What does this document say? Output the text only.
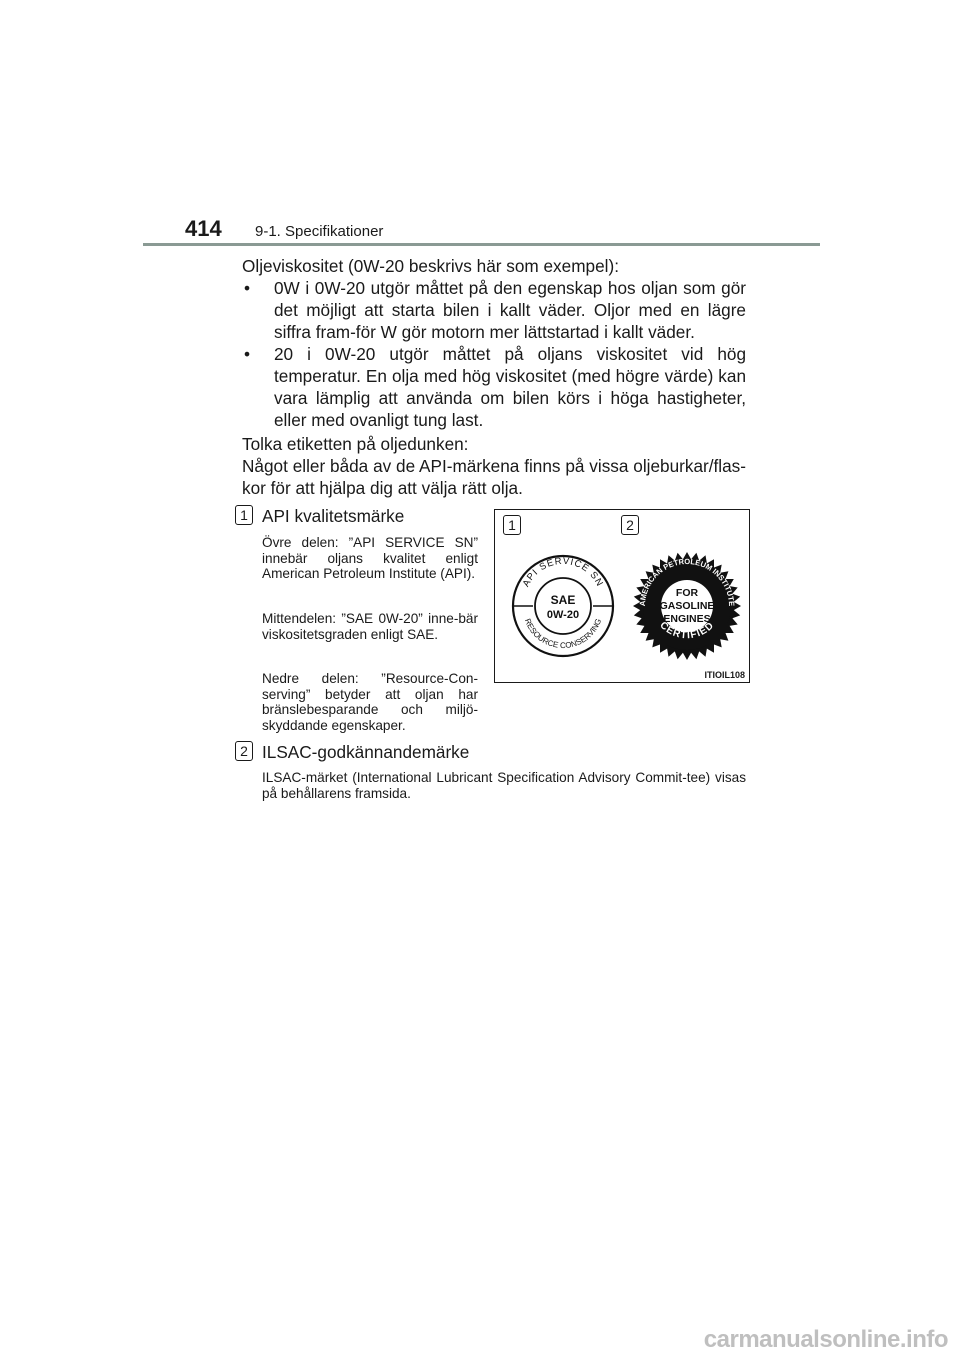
414	9-1. Specifikationer
Oljeviskositet (0W-20 beskrivs här som exempel):
• 0W i 0W-20 utgör måttet på den egenskap hos oljan som gör det möjligt att starta bilen i kallt väder. Oljor med en lägre siffra fram-för W gör motorn mer lättstartad i kallt väder.
• 20 i 0W-20 utgör måttet på oljans viskositet vid hög temperatur. En olja med hög viskositet (med högre värde) kan vara lämplig att använda om bilen körs i höga hastigheter, eller med ovanligt tung last.
Tolka etiketten på oljedunken:
Något eller båda av de API-märkena finns på vissa oljeburkar/flas-kor för att hjälpa dig att välja rätt olja.
1 API kvalitetsmärke
Övre delen: ”API SERVICE SN” innebär oljans kvalitet enligt American Petroleum Institute (API).
Mittendelen: ”SAE 0W-20” inne-bär viskositetsgraden enligt SAE.
Nedre delen: ”Resource-Con-serving” betyder att oljan har bränslebesparande och miljö-skyddande egenskaper.
1	2
API SERVICE SN
RESOURCE CONSERVING
SAE
0W-20
AMERICAN PETROLEUM INSTITUTE
CERTIFIED
FOR
GASOLINE
ENGINES
ITIOIL108
2 ILSAC-godkännandemärke
ILSAC-märket (International Lubricant Specification Advisory Commit-tee) visas på behållarens framsida.
carmanualsonline.info
